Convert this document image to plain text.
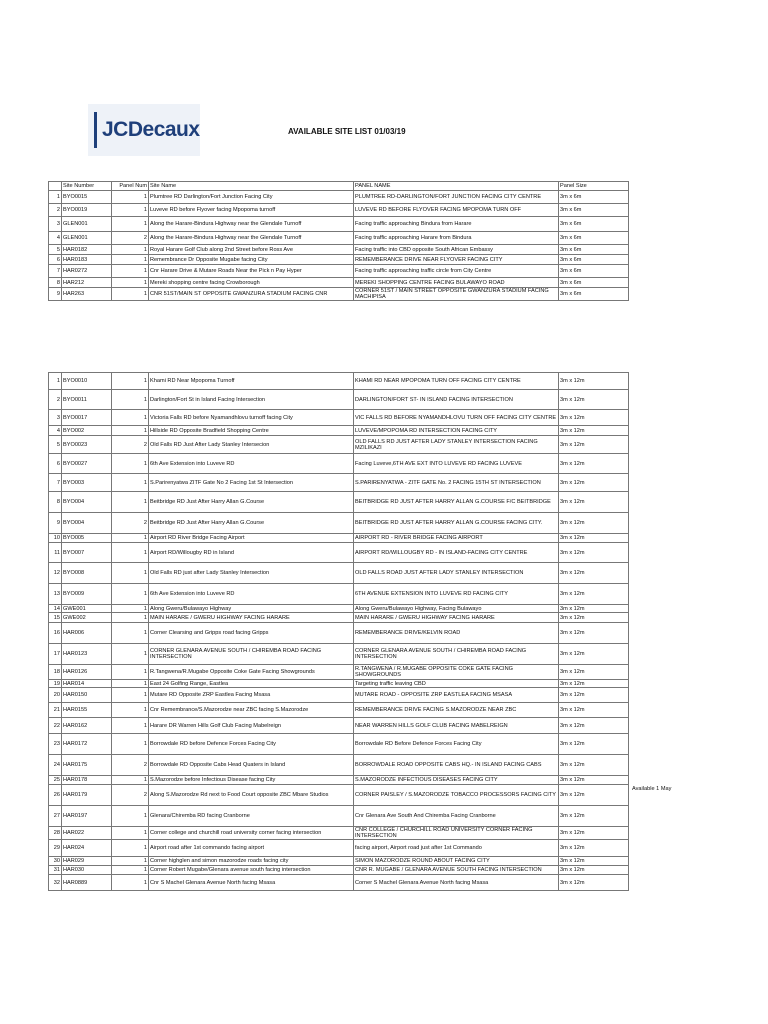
JCDecaux	AVAILABLE SITE LIST 01/03/19
	Site Number	Panel Num	Site Name	PANEL NAME	Panel Size
1	BYO0015	1	Plumtree RD Darlington/Fort Junction Facing City	PLUMTREE RD-DARLINGTON/FORT JUNCTION FACING CITY CENTRE	3m x 6m
2	BYO0019	1	Luveve RD before Flyover facing Mpopoma turnoff	LUVEVE RD BEFORE FLYOVER FACING MPOPOMA TURN OFF	3m x 6m
3	GLEN001	1	Along the Harare-Bindura Highway near the Glendale Turnoff	Facing traffic approaching Bindura from Harare	3m x 6m
4	GLEN001	2	Along the Harare-Bindura Highway near the Glendale Turnoff	Facing traffic approaching Harare from Bindura	3m x 6m
5	HAR0182	1	Royal Harare Golf Club along 2nd Street before Ross Ave	Facing traffic into CBD opposite South African Embassy	3m x 6m
6	HAR0183	1	Remembrance Dr Opposite Mugabe facing City	REMEMBERANCE DRIVE NEAR FLYOVER FACING CITY	3m x 6m
7	HAR0272	1	Cnr Harare Drive & Mutare Roads Near the Pick n Pay Hyper	Facing traffic approaching traffic circle from City Centre	3m x 6m
8	HAR212	1	Mereki shopping centre facing Crowborough	MEREKI SHOPPING CENTRE FACING BULAWAYO ROAD	3m x 6m
9	HAR263	1	CNR 51ST/MAIN ST OPPOSITE GWANZURA STADIUM FACING CNR	CORNER 51ST / MAIN STREET OPPOSITE GWANZURA STADIUM FACING MACHIPISA	3m x 6m
1	BYO0010	1	Khami RD Near Mpopoma Turnoff	KHAMI RD NEAR MPOPOMA TURN OFF FACING CITY CENTRE	3m x 12m
2	BYO0011	1	Darlington/Fort St in Island Facing Intersection	DARLINGTON/FORT ST- IN ISLAND FACING INTERSECTION	3m x 12m
3	BYO0017	1	Victoria Falls RD before Nyamandhlovu turnoff facing City	VIC FALLS RD BEFORE NYAMANDHLOVU TURN OFF FACING CITY CENTRE	3m x 12m
4	BYO002	1	Hillside RD Opposite Bradfield Shopping Centre	LUVEVE/MPOPOMA RD INTERSECTION FACING CITY	3m x 12m
5	BYO0023	2	Old Falls RD Just After Lady Stanley Intersecion	OLD FALLS RD JUST AFTER LADY STANLEY INTERSECTION FACING MZILIKAZI	3m x 12m
6	BYO0027	1	6th Ave Extension into Luveve RD	Facing Luveve,6TH AVE EXT INTO LUVEVE RD FACING LUVEVE	3m x 12m
7	BYO003	1	S.Parirenyatwa ZITF Gate No 2 Facing 1st St Intersection	S.PARIRENYATWA - ZITF GATE No. 2 FACING 15TH ST INTERSECTION	3m x 12m
8	BYO004	1	Beitbridge RD Just After Harry Allan G.Course	BEITBRIDGE RD JUST AFTER HARRY ALLAN G.COURSE F/C BEITBRIDGE	3m x 12m
9	BYO004	2	Beitbridge RD Just After Harry Allan G.Course	BEITBRIDGE RD JUST AFTER HARRY ALLAN G.COURSE FACING CITY.	3m x 12m
10	BYO005	1	Airport RD River Bridge Facing Airport	AIRPORT RD - RIVER BRIDGE FACING AIRPORT	3m x 12m
11	BYO007	1	Airport RD/Willougby RD in Island	AIRPORT RD/WILLOUGBY RD - IN ISLAND-FACING CITY CENTRE	3m x 12m
12	BYO008	1	Old Falls RD just after Lady Stanley Intersection	OLD FALLS ROAD JUST AFTER LADY STANLEY INTERSECTION	3m x 12m
13	BYO009	1	6th Ave Extension into Luveve RD	6TH AVENUE EXTENSION INTO LUVEVE RD FACING CITY	3m x 12m
14	GWE001	1	Along Gweru/Bulawayo Highway	Along Gweru/Bulawayo Highway, Facing Bulawayo	3m x 12m
15	GWE002	1	MAIN HARARE / GWERU HIGHWAY FACING HARARE	MAIN HARARE / GWERU HIGHWAY FACING HARARE	3m x 12m
16	HAR006	1	Corner Clearsing and Gripps road facing Gripps	REMEMBERANCE DRIVE/KELVIN ROAD	3m x 12m
17	HAR0123	1	CORNER GLENARA AVENUE SOUTH / CHIREMBA ROAD FACING INTERSECTION	CORNER GLENARA AVENUE SOUTH / CHIREMBA ROAD FACING INTERSECTION	3m x 12m
18	HAR0126	1	R.Tangwena/R.Mugabe Opposite Coke Gate Facing Showgrounds	R.TANGWENA / R.MUGABE OPPOSITE COKE GATE FACING SHOWGROUNDS	3m x 12m
19	HAR014	1	East 24 Golfing Range, Eastlea	Targeting traffic leaving CBD	3m x 12m
20	HAR0150	1	Mutare RD Opposite ZRP Eastlea Facing Msasa	MUTARE ROAD - OPPOSITE ZRP EASTLEA FACING MSASA	3m x 12m
21	HAR0155	1	Cnr Remembrance/S.Mazorodze near ZBC facing S.Mazorodze	REMEMBERANCE DRIVE FACING S.MAZORODZE NEAR ZBC	3m x 12m
22	HAR0162	1	Harare DR Warren Hills Golf Club Facing Mabelreign	NEAR WARREN HILLS GOLF CLUB FACING MABELREIGN	3m x 12m
23	HAR0172	1	Borrowdale RD before Defence Forces Facing City	Borrowdale RD Before Defence Forces Facing City	3m x 12m
24	HAR0175	2	Borrowdale RD Opposite Cabs Head Quaters in Island	BORROWDALE ROAD OPPOSITE CABS HQ.- IN ISLAND FACING CABS	3m x 12m
25	HAR0178	1	S.Mazorodze before Infectious Disease facing City	S.MAZORODZE INFECTIOUS DISEASES FACING CITY	3m x 12m
26	HAR0179	2	Along S.Mazorodze Rd next to Food Court opposite ZBC Mbare Studios	CORNER PAISLEY / S.MAZORODZE TOBACCO PROCESSORS FACING CITY	3m x 12m
27	HAR0197	1	Glenara/Chiremba RD facing Cranborne	Cnr Glenara Ave South And Chiremba Facing Cranborne	3m x 12m
28	HAR022	1	Corner college and churchill road university corner facing intersection	CNR COLLEGE / CHURCHILL ROAD UNIVERSITY CORNER FACING INTERSECTION	3m x 12m
29	HAR024	1	Airport road after 1st commando facing airport	facing airport, Airport road just after 1st Commando	3m x 12m
30	HAR029	1	Corner highglen and simon mazorodze roads facing city	SIMON MAZORODZE ROUND ABOUT FACING CITY	3m x 12m
31	HAR030	1	Corner Robert Mugabe/Glenara avenue south facing intersection	CNR R. MUGABE / GLENARA AVENUE SOUTH FACING INTERSECTION	3m x 12m
32	HAR0889	1	Cnr S Machel Glenara Avenue North facing Msasa	Corner S Machel Glenara Avenue North facing Msasa	3m x 12m
Available 1 May
